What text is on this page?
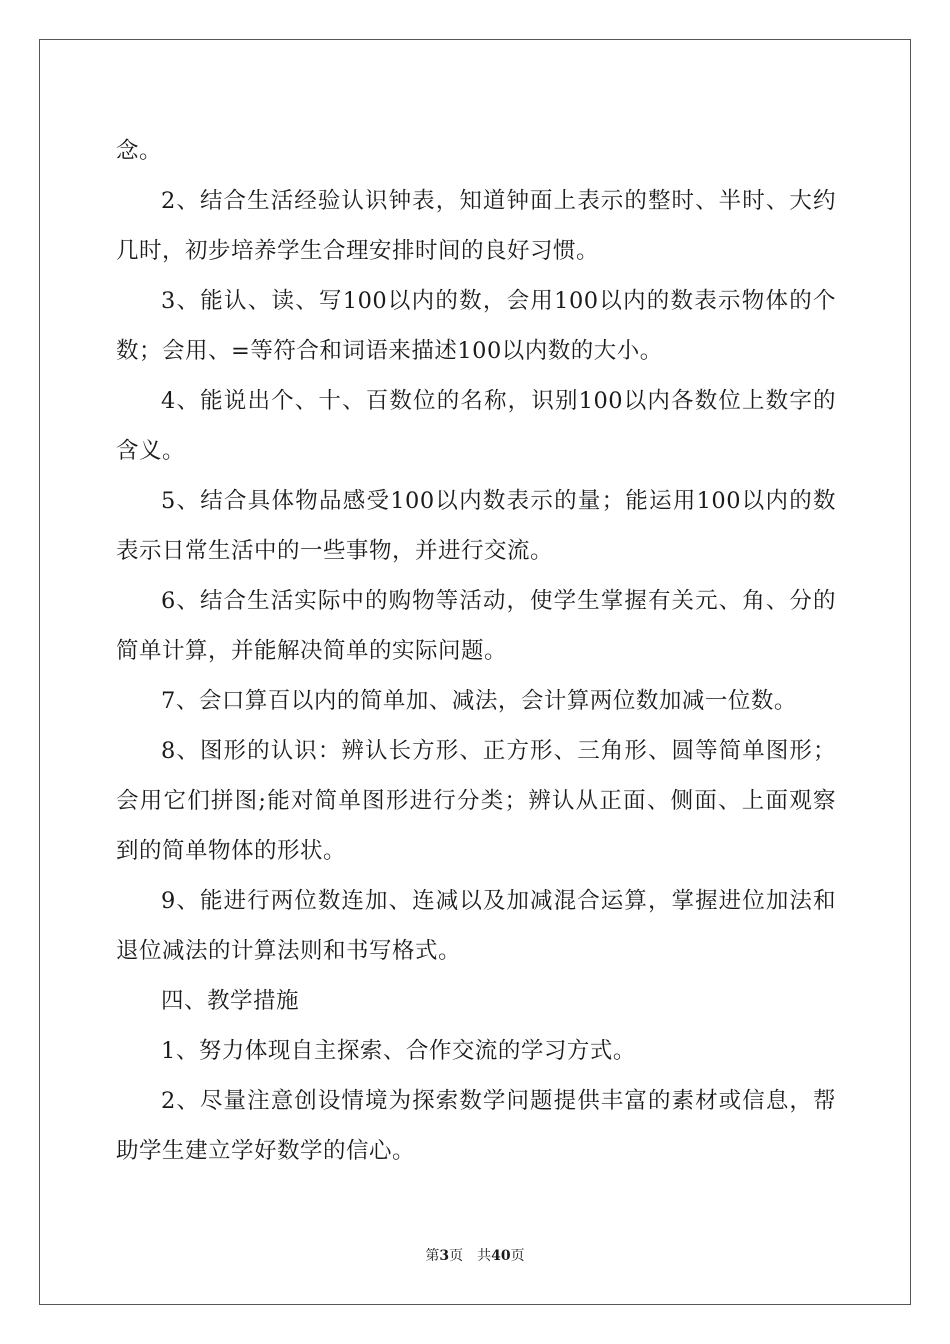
念。

2、结合生活经验认识钟表，知道钟面上表示的整时、半时、大约几时，初步培养学生合理安排时间的良好习惯。

3、能认、读、写100以内的数，会用100以内的数表示物体的个数；会用、=等符合和词语来描述100以内数的大小。

4、能说出个、十、百数位的名称，识别100以内各数位上数字的含义。

5、结合具体物品感受100以内数表示的量；能运用100以内的数表示日常生活中的一些事物，并进行交流。

6、结合生活实际中的购物等活动，使学生掌握有关元、角、分的简单计算，并能解决简单的实际问题。

7、会口算百以内的简单加、减法，会计算两位数加减一位数。

8、图形的认识：辨认长方形、正方形、三角形、圆等简单图形；会用它们拼图;能对简单图形进行分类；辨认从正面、侧面、上面观察到的简单物体的形状。

9、能进行两位数连加、连减以及加减混合运算，掌握进位加法和退位减法的计算法则和书写格式。

四、教学措施

1、努力体现自主探索、合作交流的学习方式。

2、尽量注意创设情境为探索数学问题提供丰富的素材或信息，帮助学生建立学好数学的信心。

第3页 共40页
